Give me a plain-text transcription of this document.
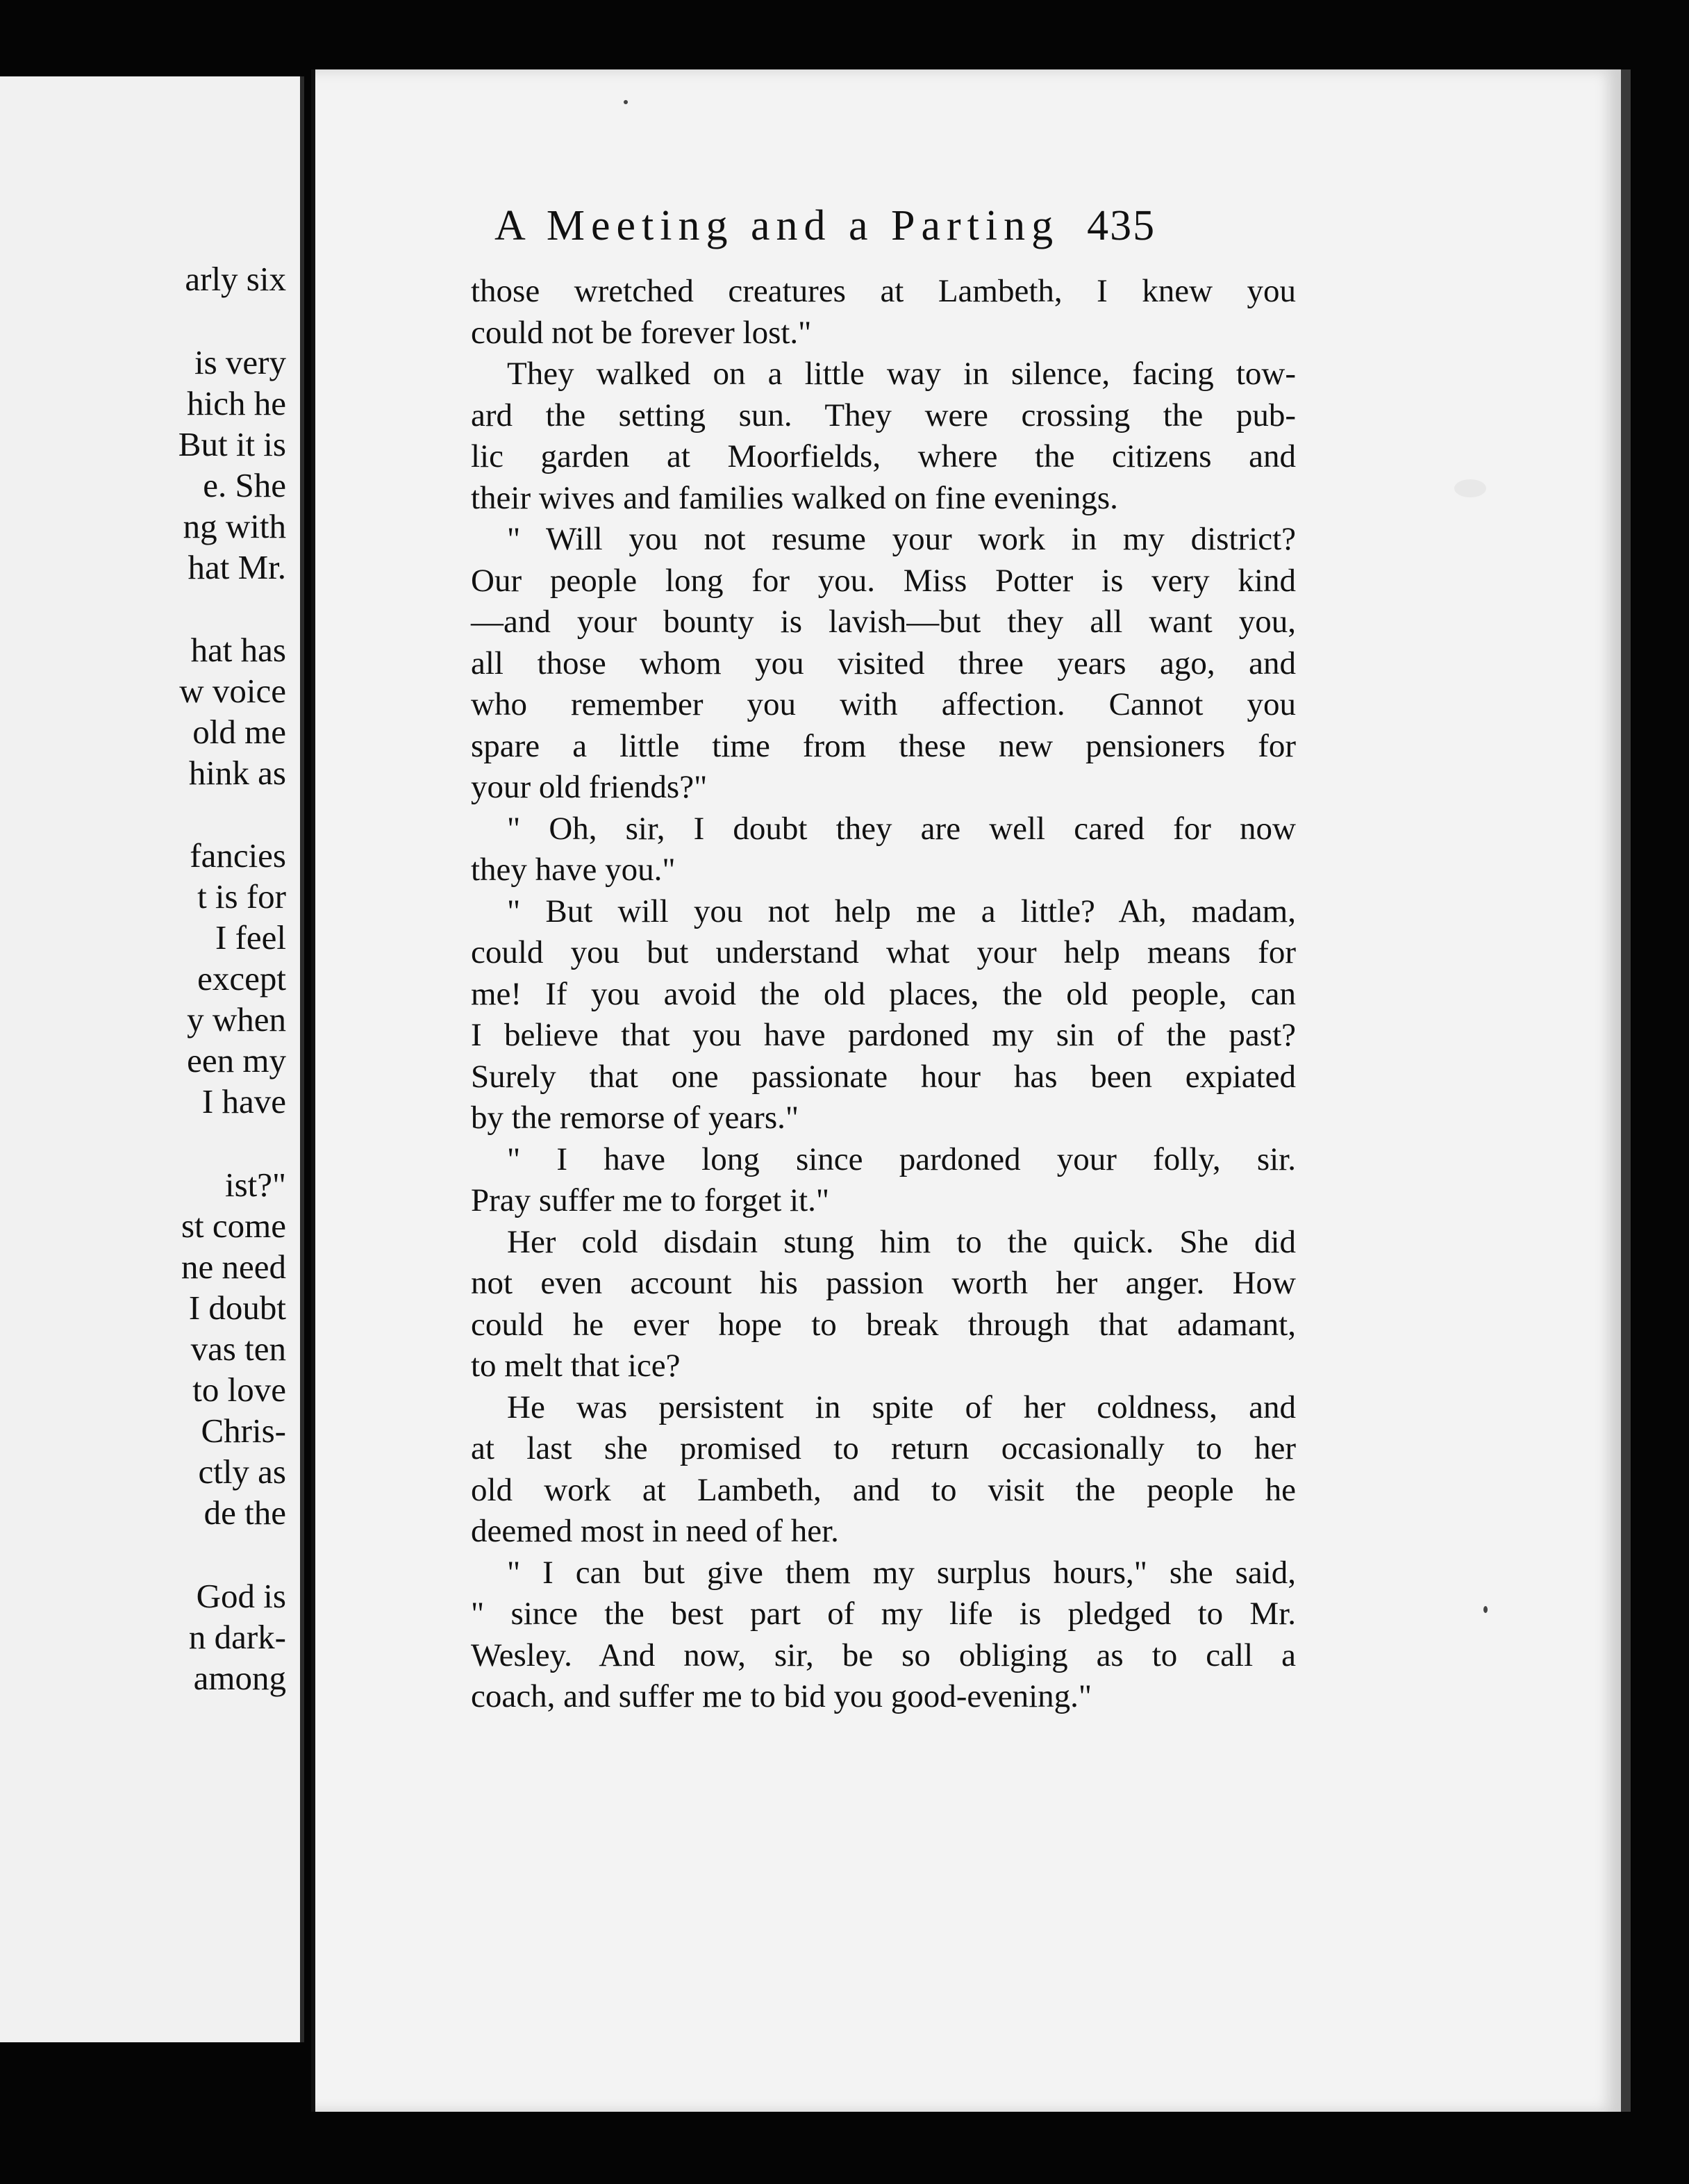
arly six
is very
hich he
But it is
e. She
ng with
hat Mr.
hat has
w voice
old me
hink as
fancies
t is for
I feel
except
y when
een my
I have
ist?"
st come
ne need
I doubt
vas ten
to love
Chris-
ctly as
de the
God is
n dark-
among
A Meeting and a Parting 435
those wretched creatures at Lambeth, I knew you
could not be forever lost."
They walked on a little way in silence, facing tow-
ard the setting sun. They were crossing the pub-
lic garden at Moorfields, where the citizens and
their wives and families walked on fine evenings.
" Will you not resume your work in my district?
Our people long for you. Miss Potter is very kind
—and your bounty is lavish—but they all want you,
all those whom you visited three years ago, and
who remember you with affection. Cannot you
spare a little time from these new pensioners for
your old friends?"
" Oh, sir, I doubt they are well cared for now
they have you."
" But will you not help me a little? Ah, madam,
could you but understand what your help means for
me! If you avoid the old places, the old people, can
I believe that you have pardoned my sin of the past?
Surely that one passionate hour has been expiated
by the remorse of years."
" I have long since pardoned your folly, sir.
Pray suffer me to forget it."
Her cold disdain stung him to the quick. She did
not even account his passion worth her anger. How
could he ever hope to break through that adamant,
to melt that ice?
He was persistent in spite of her coldness, and
at last she promised to return occasionally to her
old work at Lambeth, and to visit the people he
deemed most in need of her.
" I can but give them my surplus hours," she said,
" since the best part of my life is pledged to Mr.
Wesley. And now, sir, be so obliging as to call a
coach, and suffer me to bid you good-evening."
